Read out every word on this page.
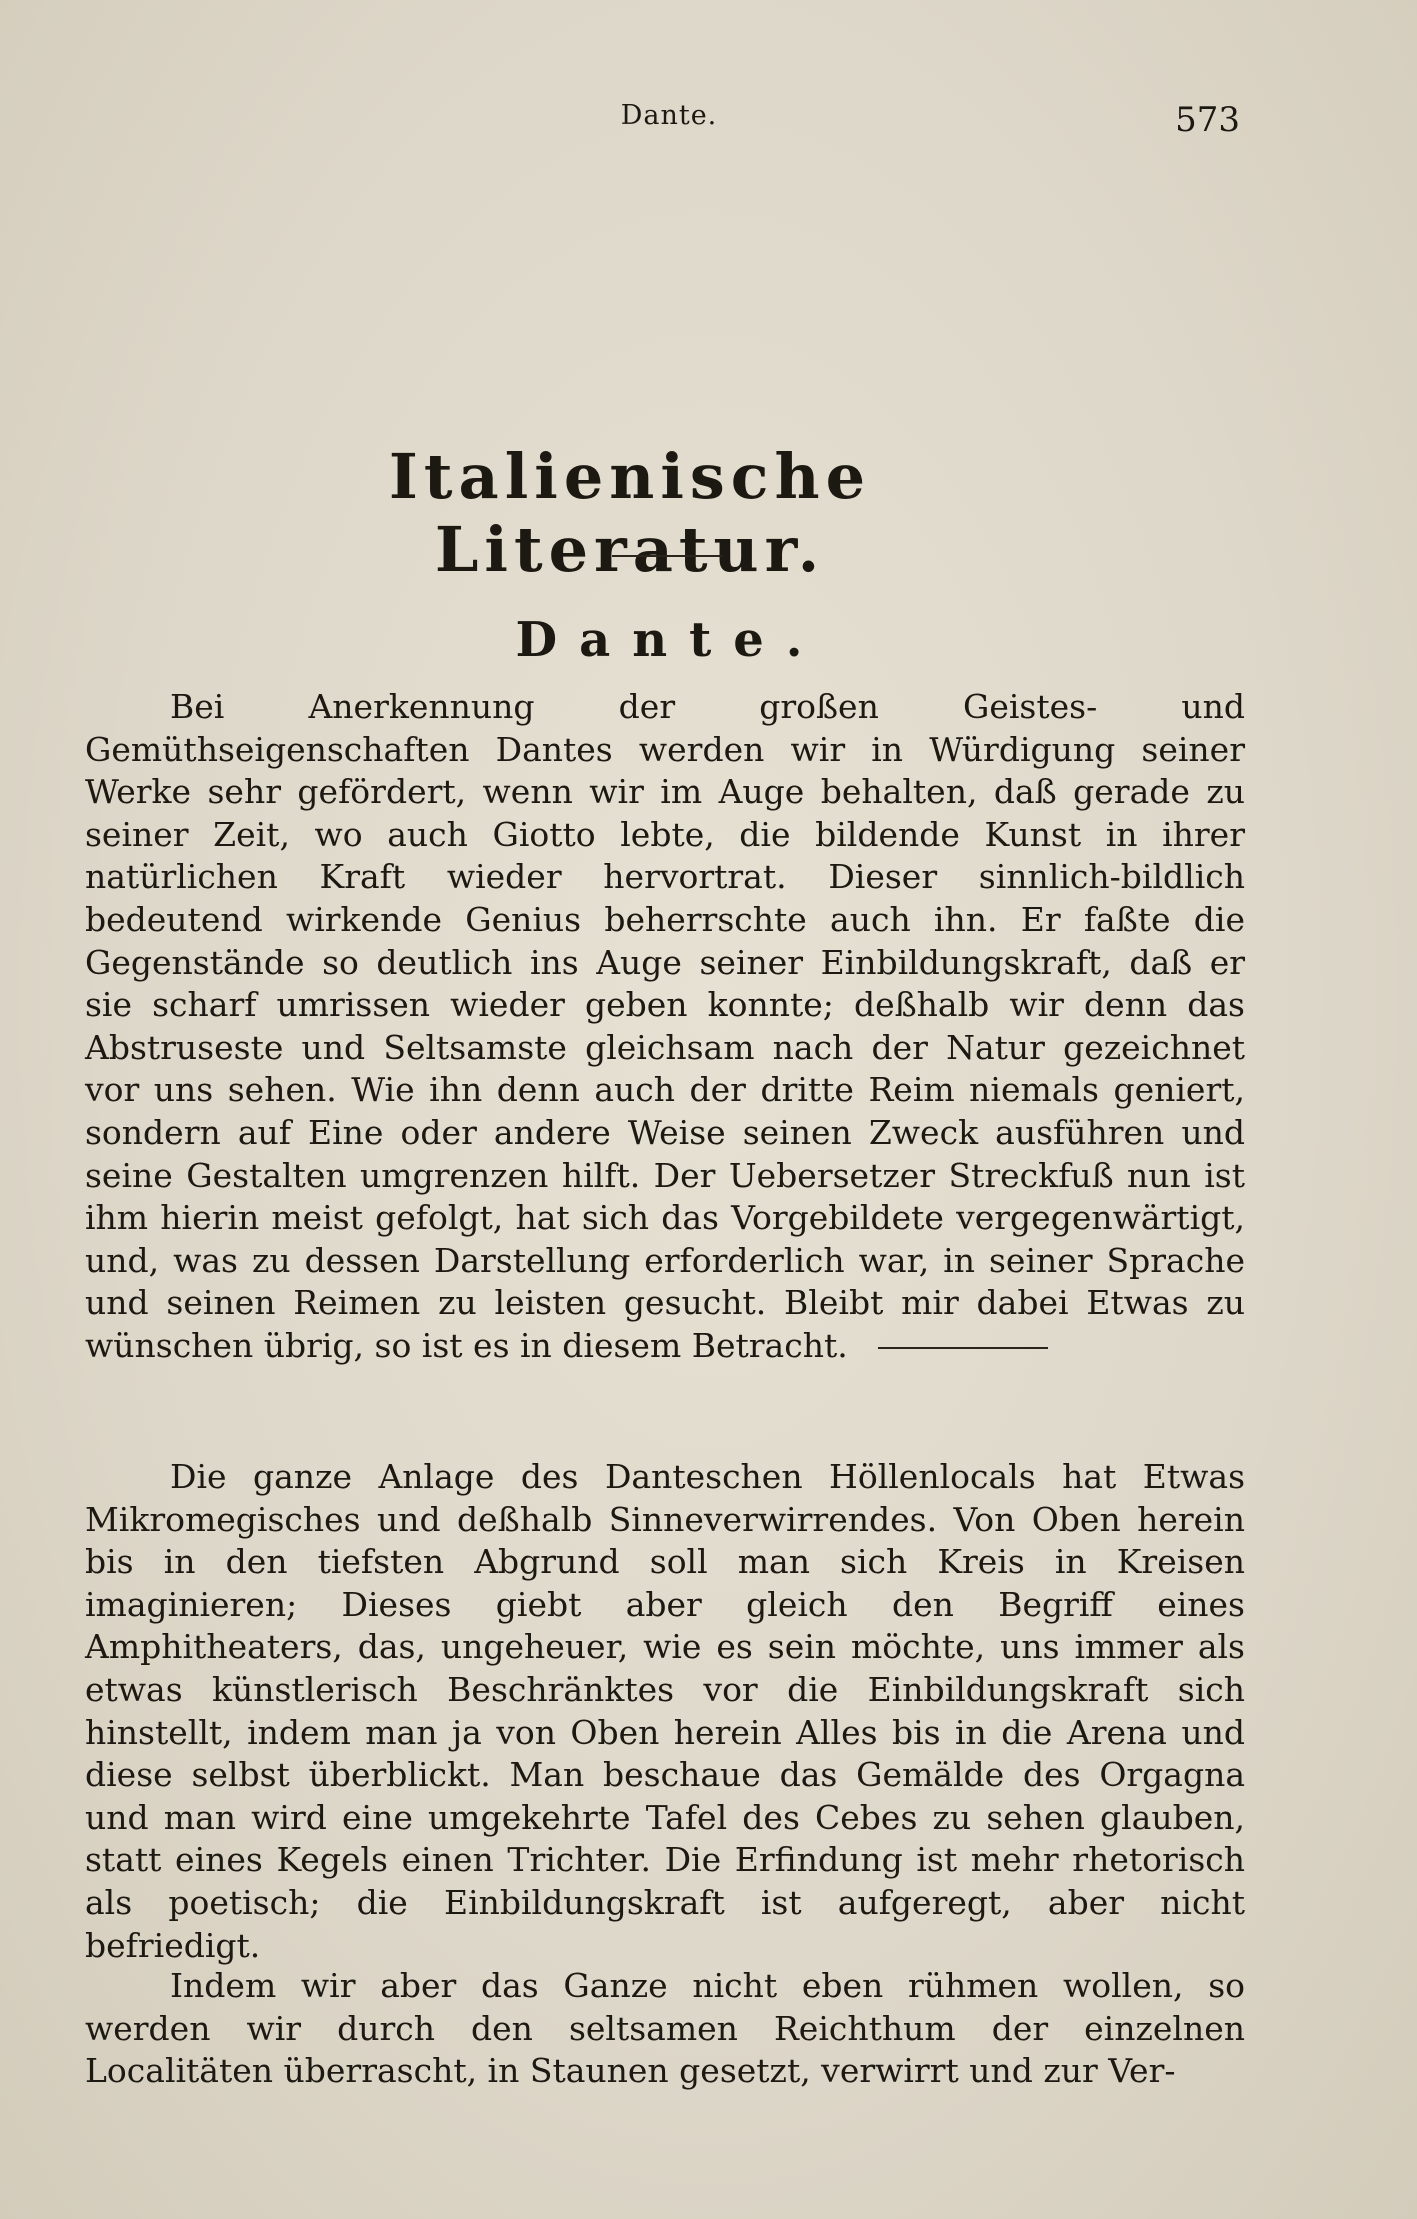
Dante.	573
Italienische Literatur.
Dante.
Bei Anerkennung der großen Geistes- und Gemüthseigenschaften Dantes werden wir in Würdigung seiner Werke sehr gefördert, wenn wir im Auge behalten, daß gerade zu seiner Zeit, wo auch Giotto lebte, die bildende Kunst in ihrer natürlichen Kraft wieder hervortrat. Dieser sinnlich-bildlich bedeutend wirkende Genius beherrschte auch ihn. Er faßte die Gegenstände so deutlich ins Auge seiner Einbildungskraft, daß er sie scharf umrissen wieder geben konnte; deßhalb wir denn das Abstruseste und Seltsamste gleichsam nach der Natur gezeichnet vor uns sehen. Wie ihn denn auch der dritte Reim niemals geniert, sondern auf Eine oder andere Weise seinen Zweck ausführen und seine Gestalten umgrenzen hilft. Der Uebersetzer Streckfuß nun ist ihm hierin meist gefolgt, hat sich das Vorgebildete vergegenwärtigt, und, was zu dessen Darstellung erforderlich war, in seiner Sprache und seinen Reimen zu leisten gesucht. Bleibt mir dabei Etwas zu wünschen übrig, so ist es in diesem Betracht.
Die ganze Anlage des Danteschen Höllenlocals hat Etwas Mikromegisches und deßhalb Sinneverwirrendes. Von Oben herein bis in den tiefsten Abgrund soll man sich Kreis in Kreisen imaginieren; Dieses giebt aber gleich den Begriff eines Amphitheaters, das, ungeheuer, wie es sein möchte, uns immer als etwas künstlerisch Beschränktes vor die Einbildungskraft sich hinstellt, indem man ja von Oben herein Alles bis in die Arena und diese selbst überblickt. Man beschaue das Gemälde des Orgagna und man wird eine umgekehrte Tafel des Cebes zu sehen glauben, statt eines Kegels einen Trichter. Die Erfindung ist mehr rhetorisch als poetisch; die Einbildungskraft ist aufgeregt, aber nicht befriedigt.
Indem wir aber das Ganze nicht eben rühmen wollen, so werden wir durch den seltsamen Reichthum der einzelnen Localitäten überrascht, in Staunen gesetzt, verwirrt und zur Ver-
